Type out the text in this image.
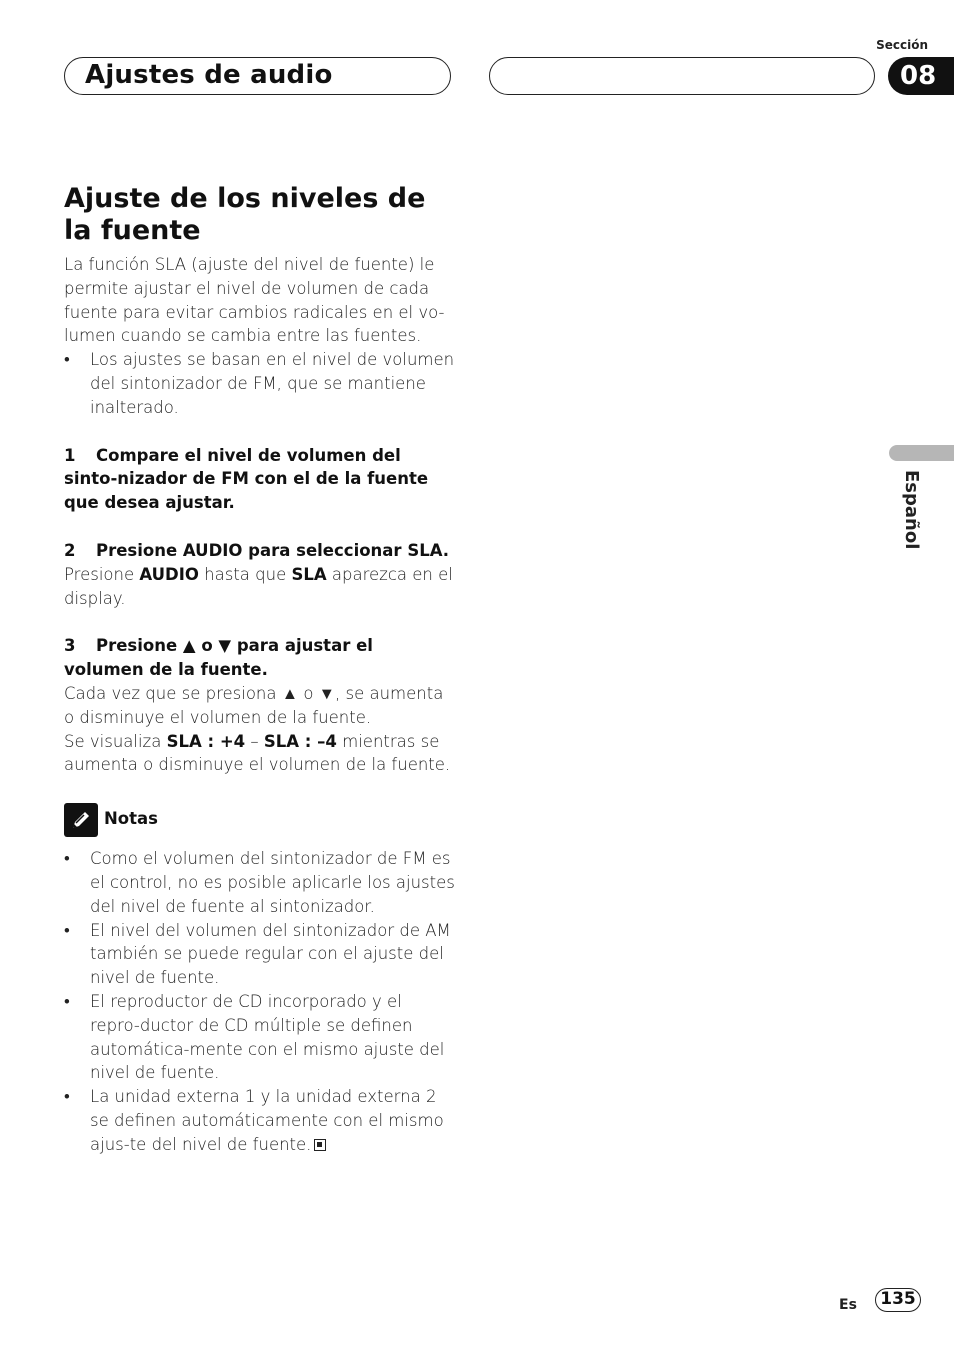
Ajustes de audio
Sección
08
Español
Ajuste de los niveles de la fuente

La función SLA (ajuste del nivel de fuente) le permite ajustar el nivel de volumen de cada fuente para evitar cambios radicales en el vo-lumen cuando se cambia entre las fuentes.

• Los ajustes se basan en el nivel de volumen del sintonizador de FM, que se mantiene inalterado.

1 Compare el nivel de volumen del sinto-nizador de FM con el de la fuente que desea ajustar.

2 Presione AUDIO para seleccionar SLA.

Presione AUDIO hasta que SLA aparezca en el display.

3 Presione ▲ o ▼ para ajustar el volumen de la fuente.

Cada vez que se presiona ▲ o ▼, se aumenta o disminuye el volumen de la fuente.

Se visualiza SLA : +4 – SLA : –4 mientras se aumenta o disminuye el volumen de la fuente.

Notas

• Como el volumen del sintonizador de FM es el control, no es posible aplicarle los ajustes del nivel de fuente al sintonizador.

• El nivel del volumen del sintonizador de AM también se puede regular con el ajuste del nivel de fuente.

• El reproductor de CD incorporado y el repro-ductor de CD múltiple se definen automática-mente con el mismo ajuste del nivel de fuente.

• La unidad externa 1 y la unidad externa 2 se definen automáticamente con el mismo ajus-te del nivel de fuente.

Es	135
